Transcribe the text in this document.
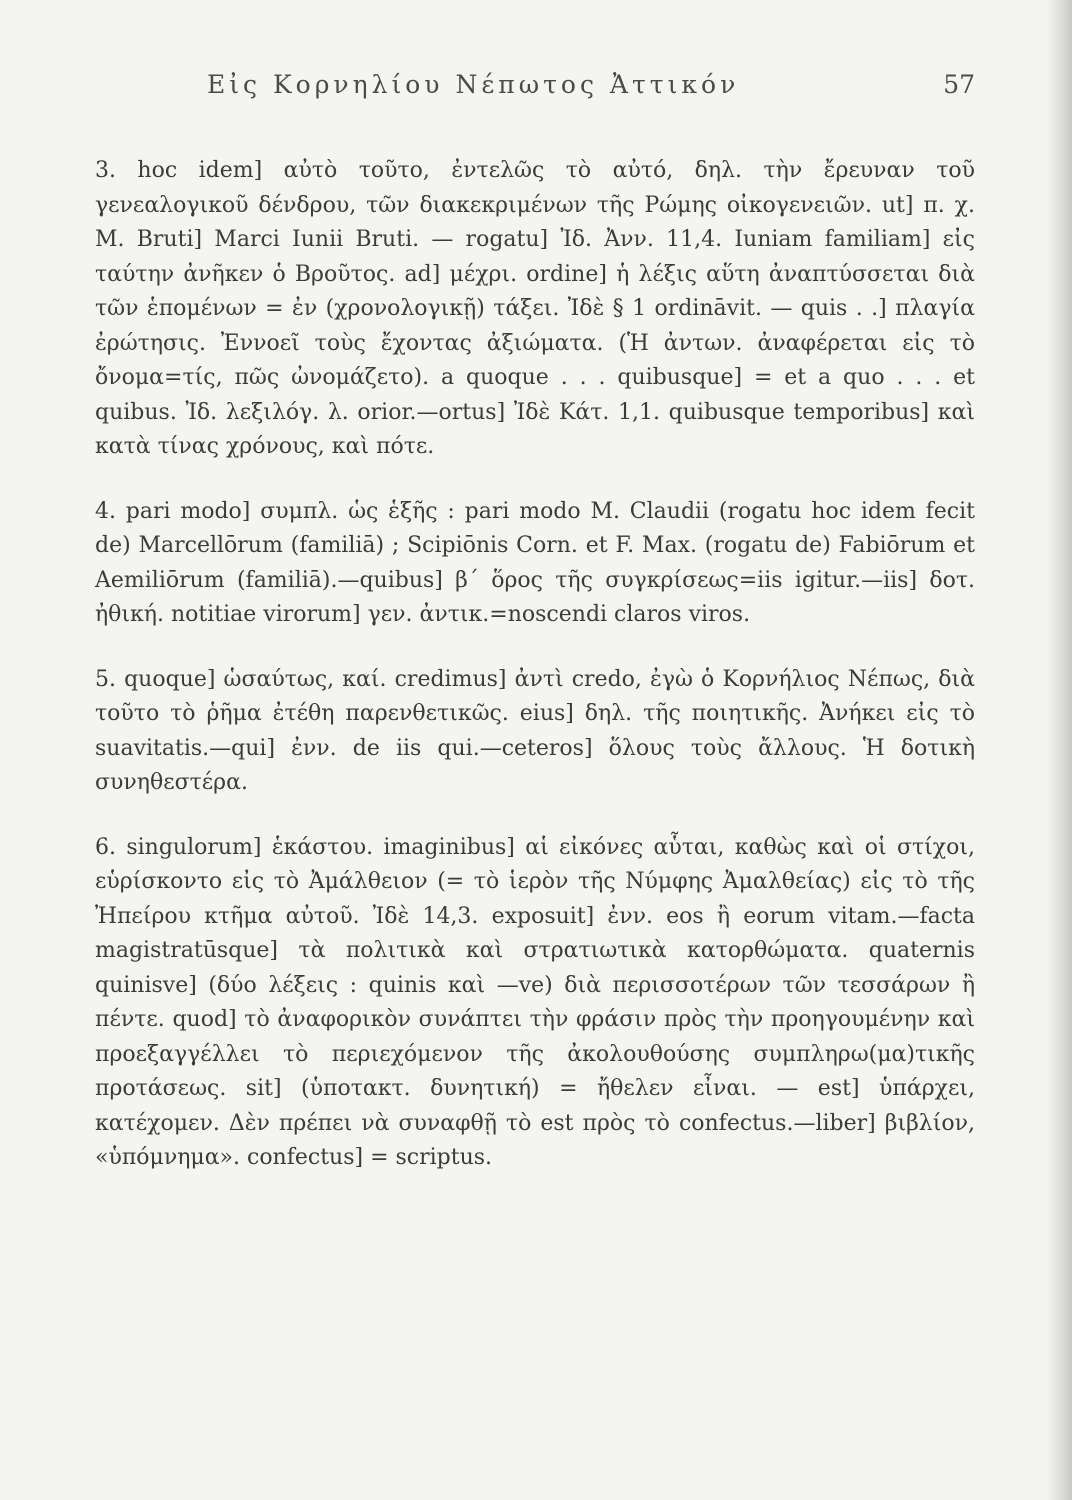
Εἰς Κορνηλίου Νέπωτος Ἀττικόν	57

3. hoc idem] αὐτὸ τοῦτο, ἐντελῶς τὸ αὐτό, δηλ. τὴν ἔρευναν τοῦ γενεαλογικοῦ δένδρου, τῶν διακεκριμένων τῆς Ρώμης οἰκογενειῶν. ut] π. χ. M. Bruti] Marci Iunii Bruti. — rogatu] Ἰδ. Ἀνν. 11,4. Iuniam familiam] εἰς ταύτην ἀνῆκεν ὁ Βροῦτος. ad] μέχρι. ordine] ἡ λέξις αὕτη ἀναπτύσσεται διὰ τῶν ἑπομένων = ἐν (χρονολογικῇ) τάξει. Ἰδὲ § 1 ordināvit. — quis . .] πλαγία ἐρώτησις. Ἐννοεῖ τοὺς ἔχοντας ἀξιώματα. (Ἡ ἀντων. ἀναφέρεται εἰς τὸ ὄνομα=τίς, πῶς ὠνομάζετο). a quoque . . . quibusque] = et a quo . . . et quibus. Ἰδ. λεξιλόγ. λ. orior.—ortus] Ἰδὲ Κάτ. 1,1. quibusque temporibus] καὶ κατὰ τίνας χρόνους, καὶ πότε.

4. pari modo] συμπλ. ὡς ἑξῆς : pari modo M. Claudii (rogatu hoc idem fecit de) Marcellōrum (familiā) ; Scipiōnis Corn. et F. Max. (rogatu de) Fabiōrum et Aemiliōrum (familiā).—quibus] β΄ ὅρος τῆς συγκρίσεως=iis igitur.—iis] δοτ. ἠθική. notitiae virorum] γεν. ἀντικ.=noscendi claros viros.

5. quoque] ὡσαύτως, καί. credimus] ἀντὶ credo, ἐγὼ ὁ Κορνήλιος Νέπως, διὰ τοῦτο τὸ ῥῆμα ἐτέθη παρενθετικῶς. eius] δηλ. τῆς ποιητικῆς. Ἀνήκει εἰς τὸ suavitatis.—qui] ἐνν. de iis qui.—ceteros] ὅλους τοὺς ἄλλους. Ἡ δοτικὴ συνηθεστέρα.

6. singulorum] ἑκάστου. imaginibus] αἱ εἰκόνες αὗται, καθὼς καὶ οἱ στίχοι, εὑρίσκοντο εἰς τὸ Ἀμάλθειον (= τὸ ἱερὸν τῆς Νύμφης Ἀμαλθείας) εἰς τὸ τῆς Ἠπείρου κτῆμα αὐτοῦ. Ἰδὲ 14,3. exposuit] ἐνν. eos ἢ eorum vitam.—facta magistratūsque] τὰ πολιτικὰ καὶ στρατιωτικὰ κατορθώματα. quaternis quinisve] (δύο λέξεις : quinis καὶ —ve) διὰ περισσοτέρων τῶν τεσσάρων ἢ πέντε. quod] τὸ ἀναφορικὸν συνάπτει τὴν φράσιν πρὸς τὴν προηγουμένην καὶ προεξαγγέλλει τὸ περιεχόμενον τῆς ἀκολουθούσης συμπληρω(μα)τικῆς προτάσεως. sit] (ὑποτακτ. δυνητική) = ἤθελεν εἶναι. — est] ὑπάρχει, κατέχομεν. Δὲν πρέπει νὰ συναφθῇ τὸ est πρὸς τὸ confectus.—liber] βιβλίον, «ὑπόμνημα». confectus] = scriptus.
